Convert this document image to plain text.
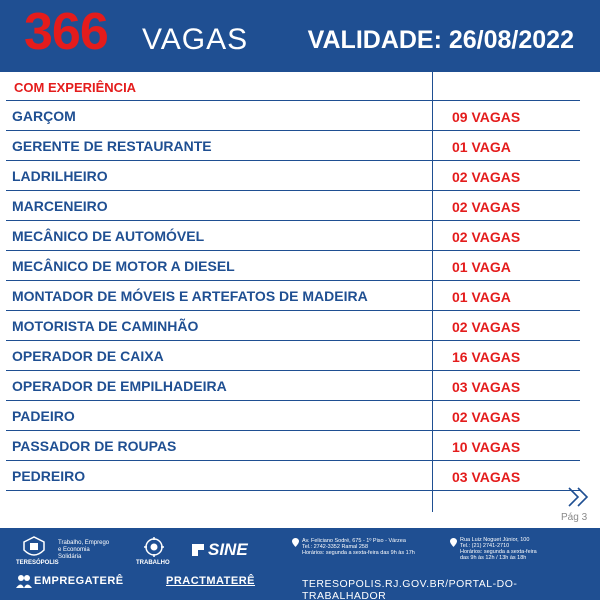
366 VAGAS VALIDADE: 26/08/2022
COM EXPERIÊNCIA
GARÇOM	09 VAGAS
GERENTE DE RESTAURANTE	01 VAGA
LADRILHEIRO	02 VAGAS
MARCENEIRO	02 VAGAS
MECÂNICO DE AUTOMÓVEL	02 VAGAS
MECÂNICO DE MOTOR A DIESEL	01 VAGA
MONTADOR DE MÓVEIS E ARTEFATOS DE MADEIRA	01 VAGA
MOTORISTA DE CAMINHÃO	02 VAGAS
OPERADOR DE CAIXA	16 VAGAS
OPERADOR DE EMPILHADEIRA	03 VAGAS
PADEIRO	02 VAGAS
PASSADOR DE ROUPAS	10 VAGAS
PEDREIRO	03 VAGAS
Pág 3
TERESÓPOLIS
Trabalho, Emprego
e Economia
Solidária
TRABALHO
SINE	Av. Feliciano Sodré, 675 - 1º Piso - Várzea
Tel.: 2742-3352 Ramal 258
Horários: segunda a sexta-feira das 9h às 17h
Rua Luiz Noguet Júnior, 100
Tel.: (21) 2741-2710
Horários: segunda a sexta-feira
das 9h às 12h / 13h às 18h
EMPREGATERÊ	PRACTMATERÊ	TERESOPOLIS.RJ.GOV.BR/PORTAL-DO-TRABALHADOR
